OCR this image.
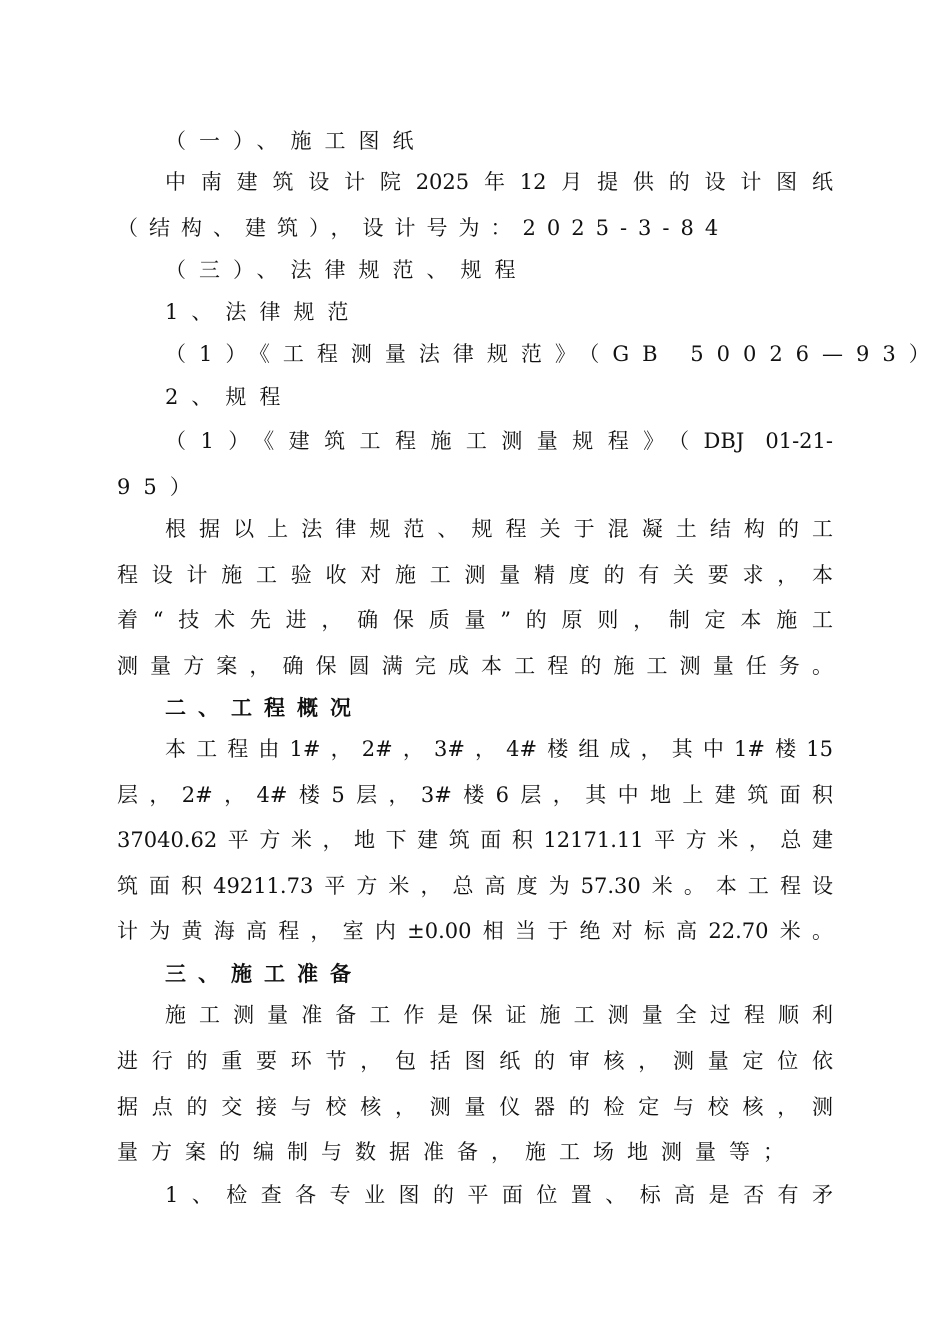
（一）、施工图纸
中南建筑设计院2025年12月提供的设计图纸
（结构、建筑），设计号为：2025-3-84
（三）、法律规范、规程
1、法律规范
（1）《工程测量法律规范》（GB 50026—93）
2、规程
（1）《建筑工程施工测量规程》（DBJ 01-21-
95）
根据以上法律规范、规程关于混凝土结构的工
程设计施工验收对施工测量精度的有关要求，本
着“技术先进，确保质量”的原则，制定本施工
测量方案，确保圆满完成本工程的施工测量任务。
二、工程概况
本工程由1#，2#，3#，4#楼组成，其中1#楼15
层，2#，4#楼5层，3#楼6层，其中地上建筑面积
37040.62平方米，地下建筑面积12171.11平方米，总建
筑面积49211.73平方米，总高度为57.30米。本工程设
计为黄海高程，室内±0.00相当于绝对标高22.70米。
三、施工准备
施工测量准备工作是保证施工测量全过程顺利
进行的重要环节，包括图纸的审核，测量定位依
据点的交接与校核，测量仪器的检定与校核，测
量方案的编制与数据准备，施工场地测量等；
1、检查各专业图的平面位置、标高是否有矛
